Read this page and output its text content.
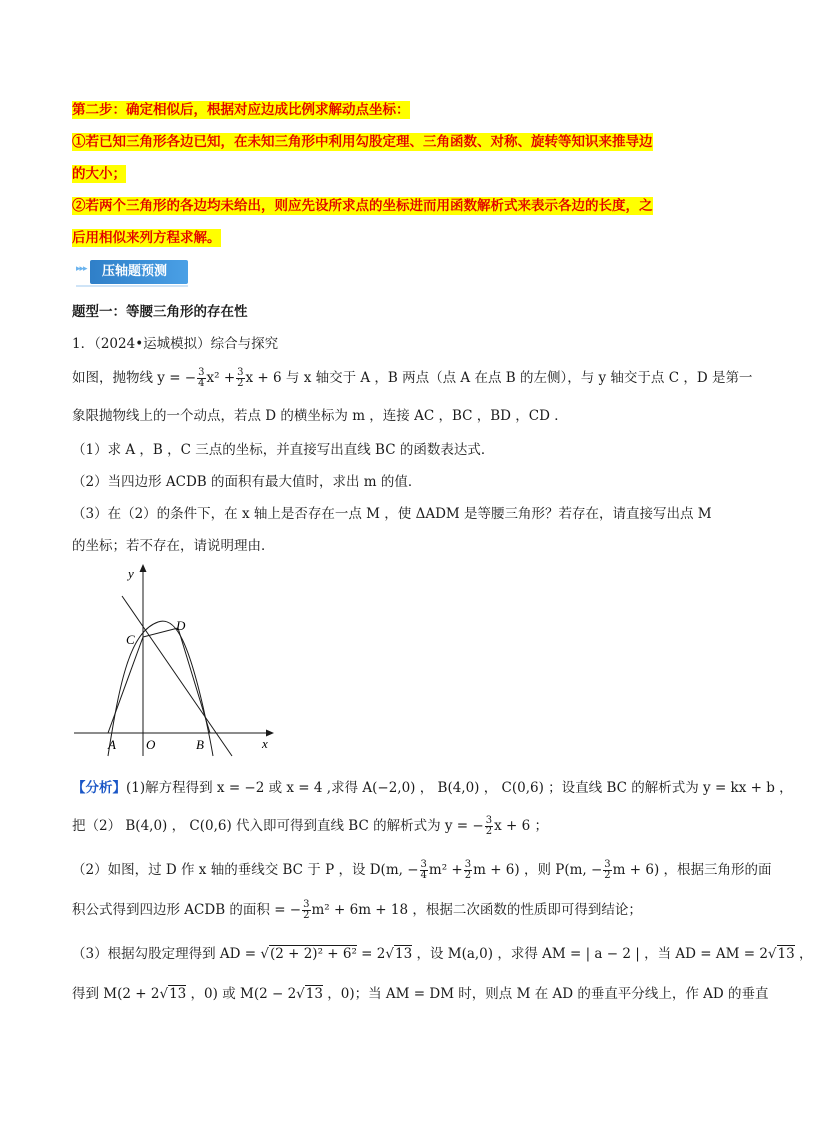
第二步：确定相似后，根据对应边成比例求解动点坐标：
①若已知三角形各边已知，在未知三角形中利用勾股定理、三角函数、对称、旋转等知识来推导边
的大小；
②若两个三角形的各边均未给出，则应先设所求点的坐标进而用函数解析式来表示各边的长度，之
后用相似来列方程求解。
▸▸▸	压轴题预测
题型一：等腰三角形的存在性
1．（2024•运城模拟）综合与探究
如图，抛物线 y = − $\frac{3}{4} x^2 + \frac{3}{2}$ x + 6 与 x 轴交于 A ，B 两点（点 A 在点 B 的左侧），与 y 轴交于点 C ，D 是第一
象限抛物线上的一个动点，若点 D 的横坐标为 m ，连接 AC ，BC ，BD ，CD ．
（1）求 A ，B ，C 三点的坐标，并直接写出直线 BC 的函数表达式．
（2）当四边形 ACDB 的面积有最大值时，求出 m 的值．
（3）在（2）的条件下，在 x 轴上是否存在一点 M ，使 ΔADM 是等腰三角形？若存在，请直接写出点 M
的坐标；若不存在，请说明理由．
y
x
O
A	B
C
D
【分析】(1)解方程得到 x = −2 或 x = 4 ,求得 A(−2,0) ， B(4,0) ， C(0,6) ；设直线 BC 的解析式为 y = kx + b ，
把（2） B(4,0) ， C(0,6) 代入即可得到直线 BC 的解析式为 y = − $\frac{3}{2}$ x + 6 ；
（2）如图，过 D 作 x 轴的垂线交 BC 于 P ，设 D(m, − $\frac{3}{4} m^2 + \frac{3}{2}$ m + 6) ，则 P(m, − $\frac{3}{2}$ m + 6) ，根据三角形的面
积公式得到四边形 ACDB 的面积 = − $\frac{3}{2} m^2 + 6m + 18$ ，根据二次函数的性质即可得到结论；
（3）根据勾股定理得到 AD = √(2 + 2)² + 6² = 2√13 ，设 M(a,0) ，求得 AM = | a − 2 | ，当 AD = AM = 2√13 ，
得到 M(2 + 2√13 ，0) 或 M(2 − 2√13 ，0)；当 AM = DM 时，则点 M 在 AD 的垂直平分线上，作 AD 的垂直
